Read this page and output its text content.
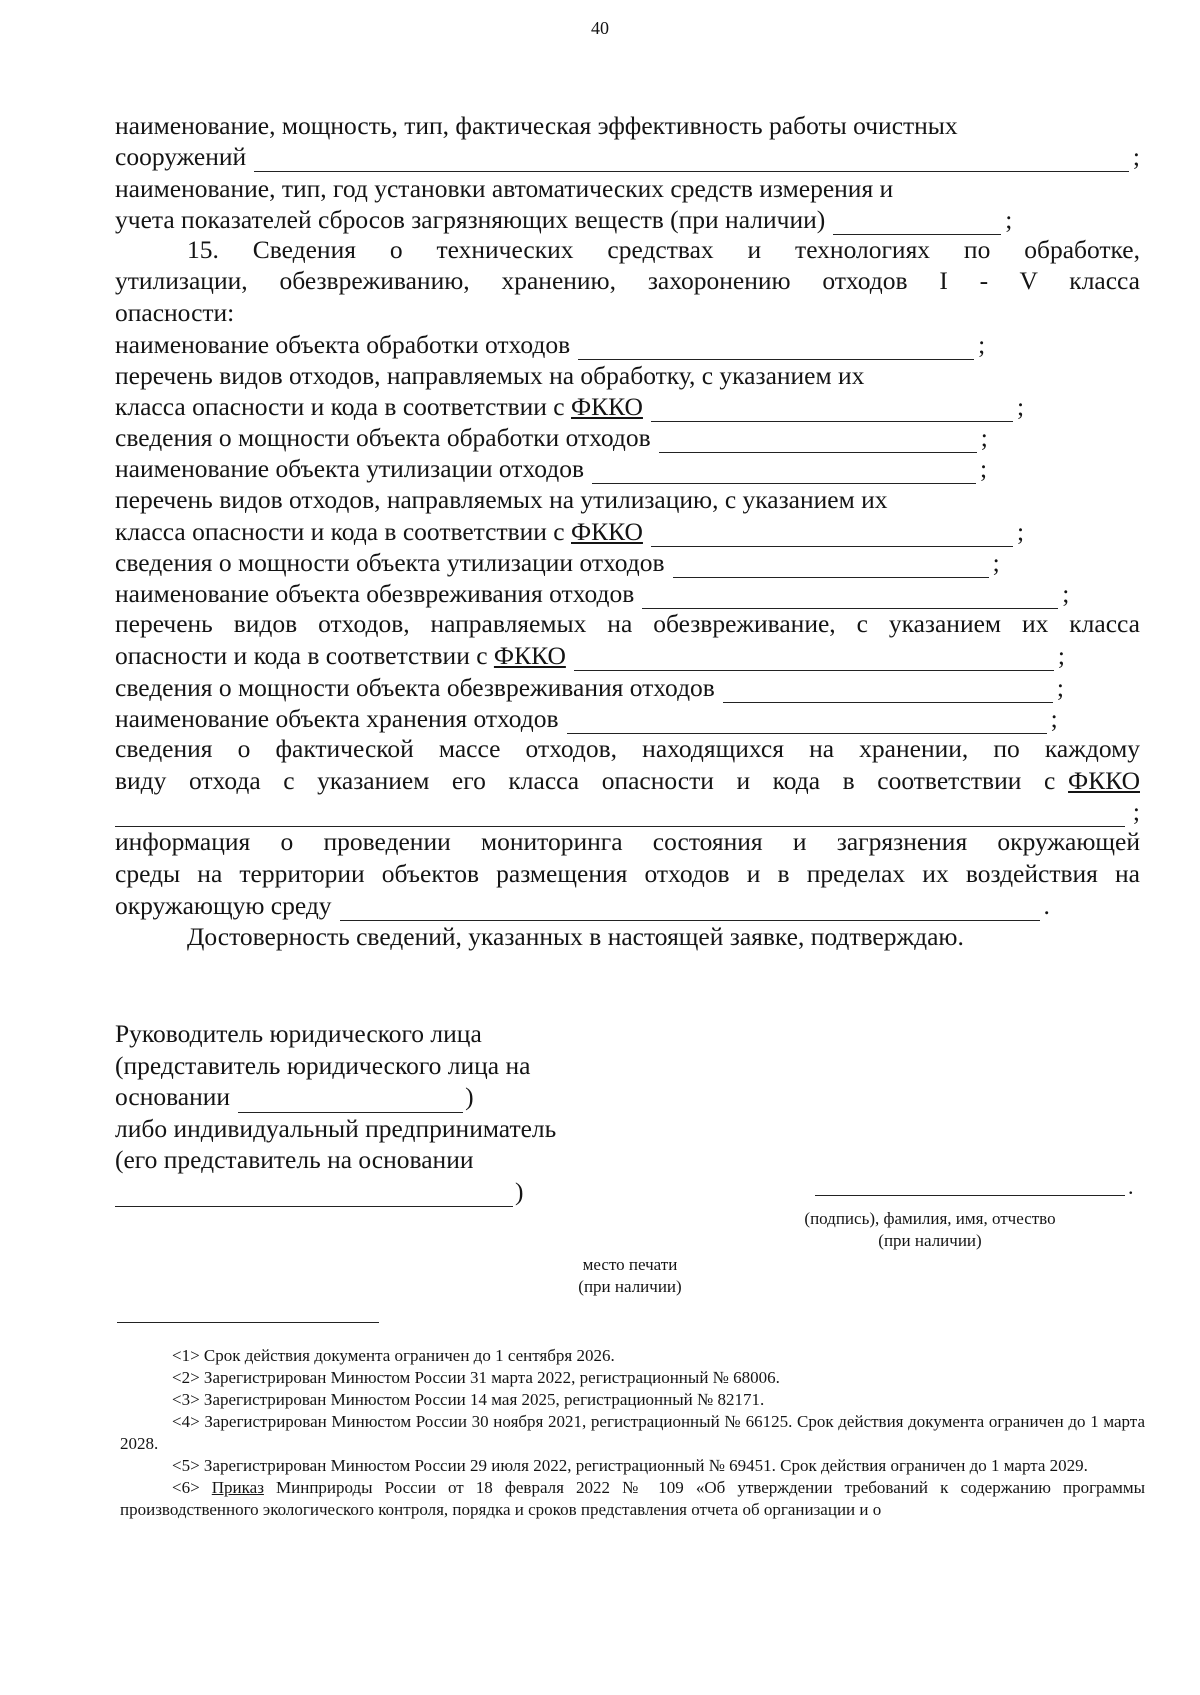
40
наименование, мощность, тип, фактическая эффективность работы очистных
сооружений	;
наименование, тип, год установки автоматических средств измерения и
учета показателей сбросов загрязняющих веществ (при наличии)	;
15. Сведения о технических средствах и технологиях по обработке,
утилизации, обезвреживанию, хранению, захоронению отходов I - V класса
опасности:
наименование объекта обработки отходов	;
перечень видов отходов, направляемых на обработку, с указанием их
класса опасности и кода в соответствии с
ФККО	;
сведения о мощности объекта обработки отходов	;
наименование объекта утилизации отходов	;
перечень видов отходов, направляемых на утилизацию, с указанием их
класса опасности и кода в соответствии с
ФККО	;
сведения о мощности объекта утилизации отходов	;
наименование объекта обезвреживания отходов	;
перечень видов отходов, направляемых на обезвреживание, с указанием их класса
опасности и кода в соответствии с
ФККО	;
сведения о мощности объекта обезвреживания отходов	;
наименование объекта хранения отходов	;
сведения о фактической массе отходов, находящихся на хранении, по каждому
виду отхода с указанием его класса опасности и кода в соответствии с
ФККО
;
информация о проведении мониторинга состояния и загрязнения окружающей
среды на территории объектов размещения отходов и в пределах их воздействия на
окружающую среду	.
Достоверность сведений, указанных в настоящей заявке, подтверждаю.
Руководитель юридического лица
(представитель юридического лица на
основании	)
либо индивидуальный предприниматель
(его представитель на основании
)	.
(подпись), фамилия, имя, отчество
(при наличии)
место печати
(при наличии)
<1> Срок действия документа ограничен до 1 сентября 2026.
<2> Зарегистрирован Минюстом России 31 марта 2022, регистрационный № 68006.
<3> Зарегистрирован Минюстом России 14 мая 2025, регистрационный № 82171.
<4> Зарегистрирован Минюстом России 30 ноября 2021, регистрационный № 66125. Срок действия документа ограничен до 1 марта 2028.
<5> Зарегистрирован Минюстом России 29 июля 2022, регистрационный № 69451. Срок действия ограничен до 1 марта 2029.
<6> Приказ Минприроды России от 18 февраля 2022 № 109 «Об утверждении требований к содержанию программы производственного экологического контроля, порядка и сроков представления отчета об организации и о
